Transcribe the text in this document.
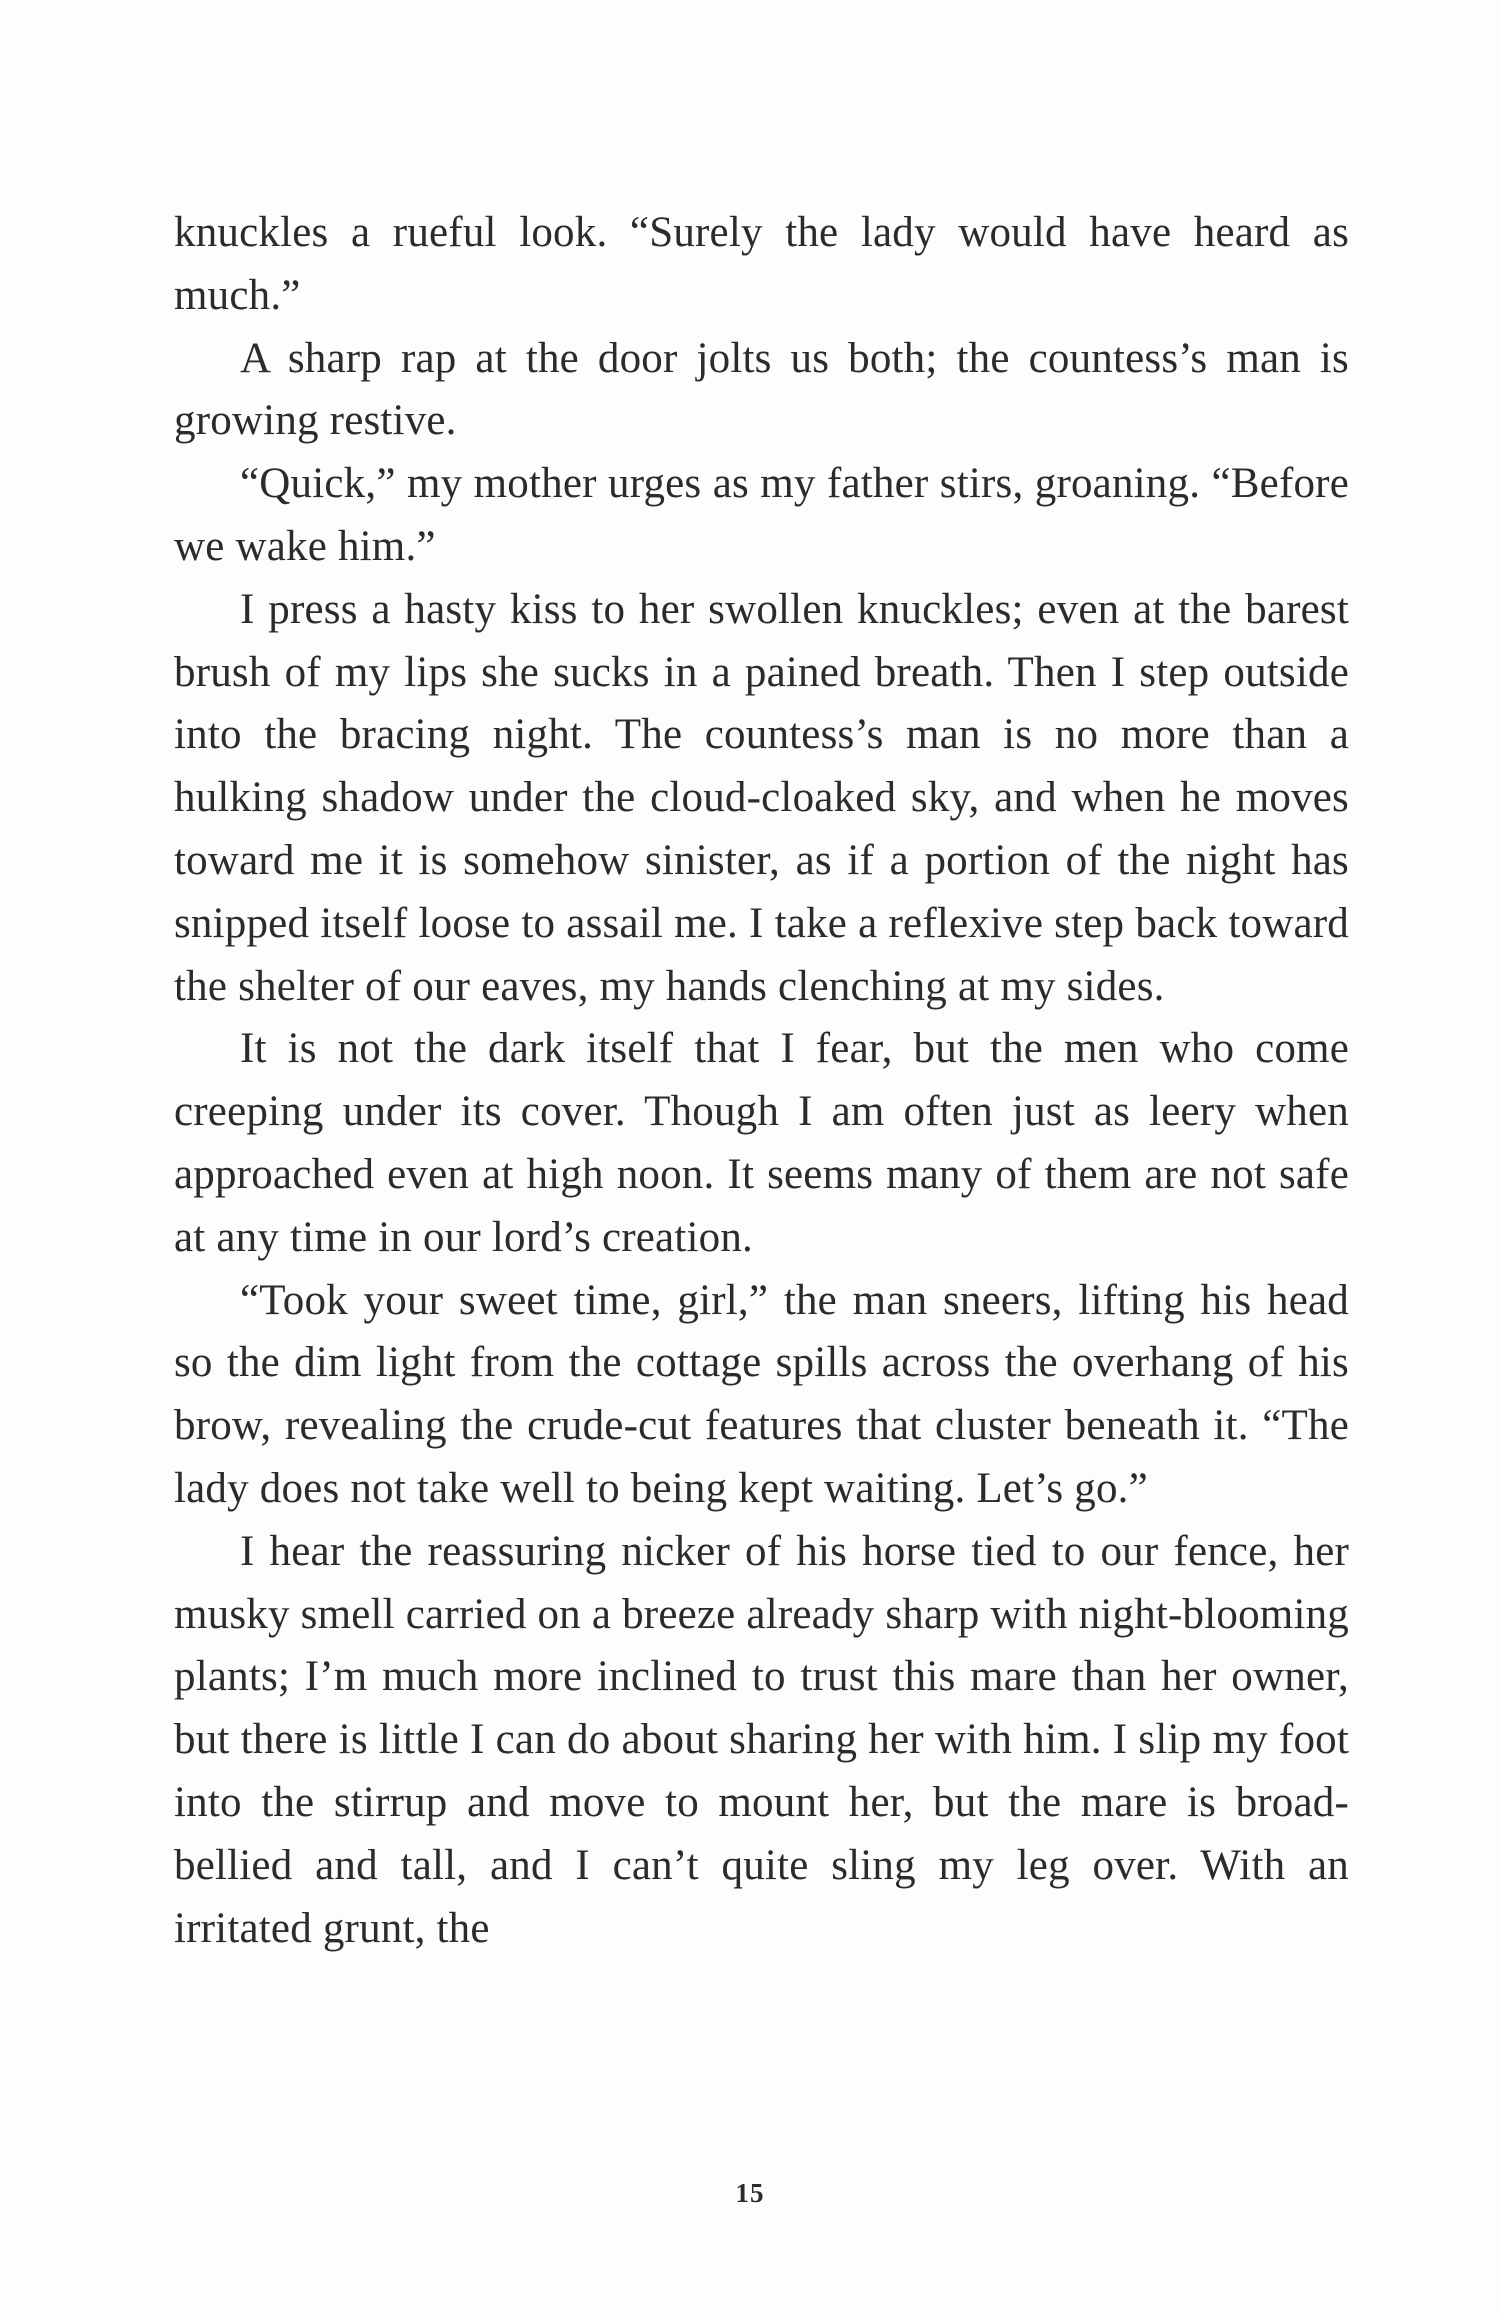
knuckles a rueful look. “Surely the lady would have heard as much.”

A sharp rap at the door jolts us both; the countess’s man is growing restive.

“Quick,” my mother urges as my father stirs, groaning. “Before we wake him.”

I press a hasty kiss to her swollen knuckles; even at the barest brush of my lips she sucks in a pained breath. Then I step outside into the bracing night. The countess’s man is no more than a hulking shadow under the cloud-cloaked sky, and when he moves toward me it is somehow sinister, as if a portion of the night has snipped itself loose to assail me. I take a reflexive step back toward the shelter of our eaves, my hands clenching at my sides.

It is not the dark itself that I fear, but the men who come creeping under its cover. Though I am often just as leery when approached even at high noon. It seems many of them are not safe at any time in our lord’s creation.

“Took your sweet time, girl,” the man sneers, lifting his head so the dim light from the cottage spills across the overhang of his brow, revealing the crude-cut features that cluster beneath it. “The lady does not take well to being kept waiting. Let’s go.”

I hear the reassuring nicker of his horse tied to our fence, her musky smell carried on a breeze already sharp with night-blooming plants; I’m much more inclined to trust this mare than her owner, but there is little I can do about sharing her with him. I slip my foot into the stirrup and move to mount her, but the mare is broad-bellied and tall, and I can’t quite sling my leg over. With an irritated grunt, the

15
